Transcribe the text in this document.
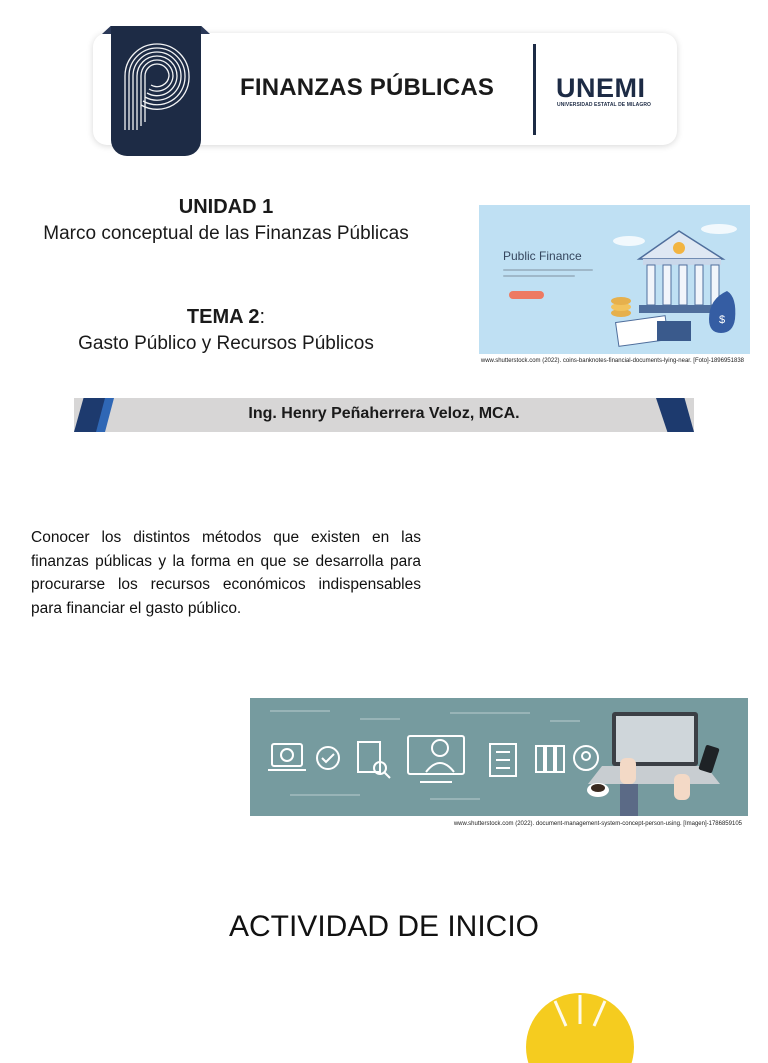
FINANZAS PÚBLICAS UNEMI
UNIVERSIDAD ESTATAL DE MILAGRO
UNIDAD 1
Marco conceptual de las Finanzas Públicas
TEMA 2:
Gasto Público y Recursos Públicos
Public Finance
$
www.shutterstock.com (2022). coins-banknotes-financial-documents-lying-near. [Foto]-1896951838
Ing. Henry Peñaherrera Veloz, MCA.
Conocer los distintos métodos que existen en las finanzas públicas y la forma en que se desarrolla para procurarse los recursos económicos indispensables para financiar el gasto público.
www.shutterstock.com (2022). document-management-system-concept-person-using. [Imagen]-1786859105
ACTIVIDAD DE INICIO
